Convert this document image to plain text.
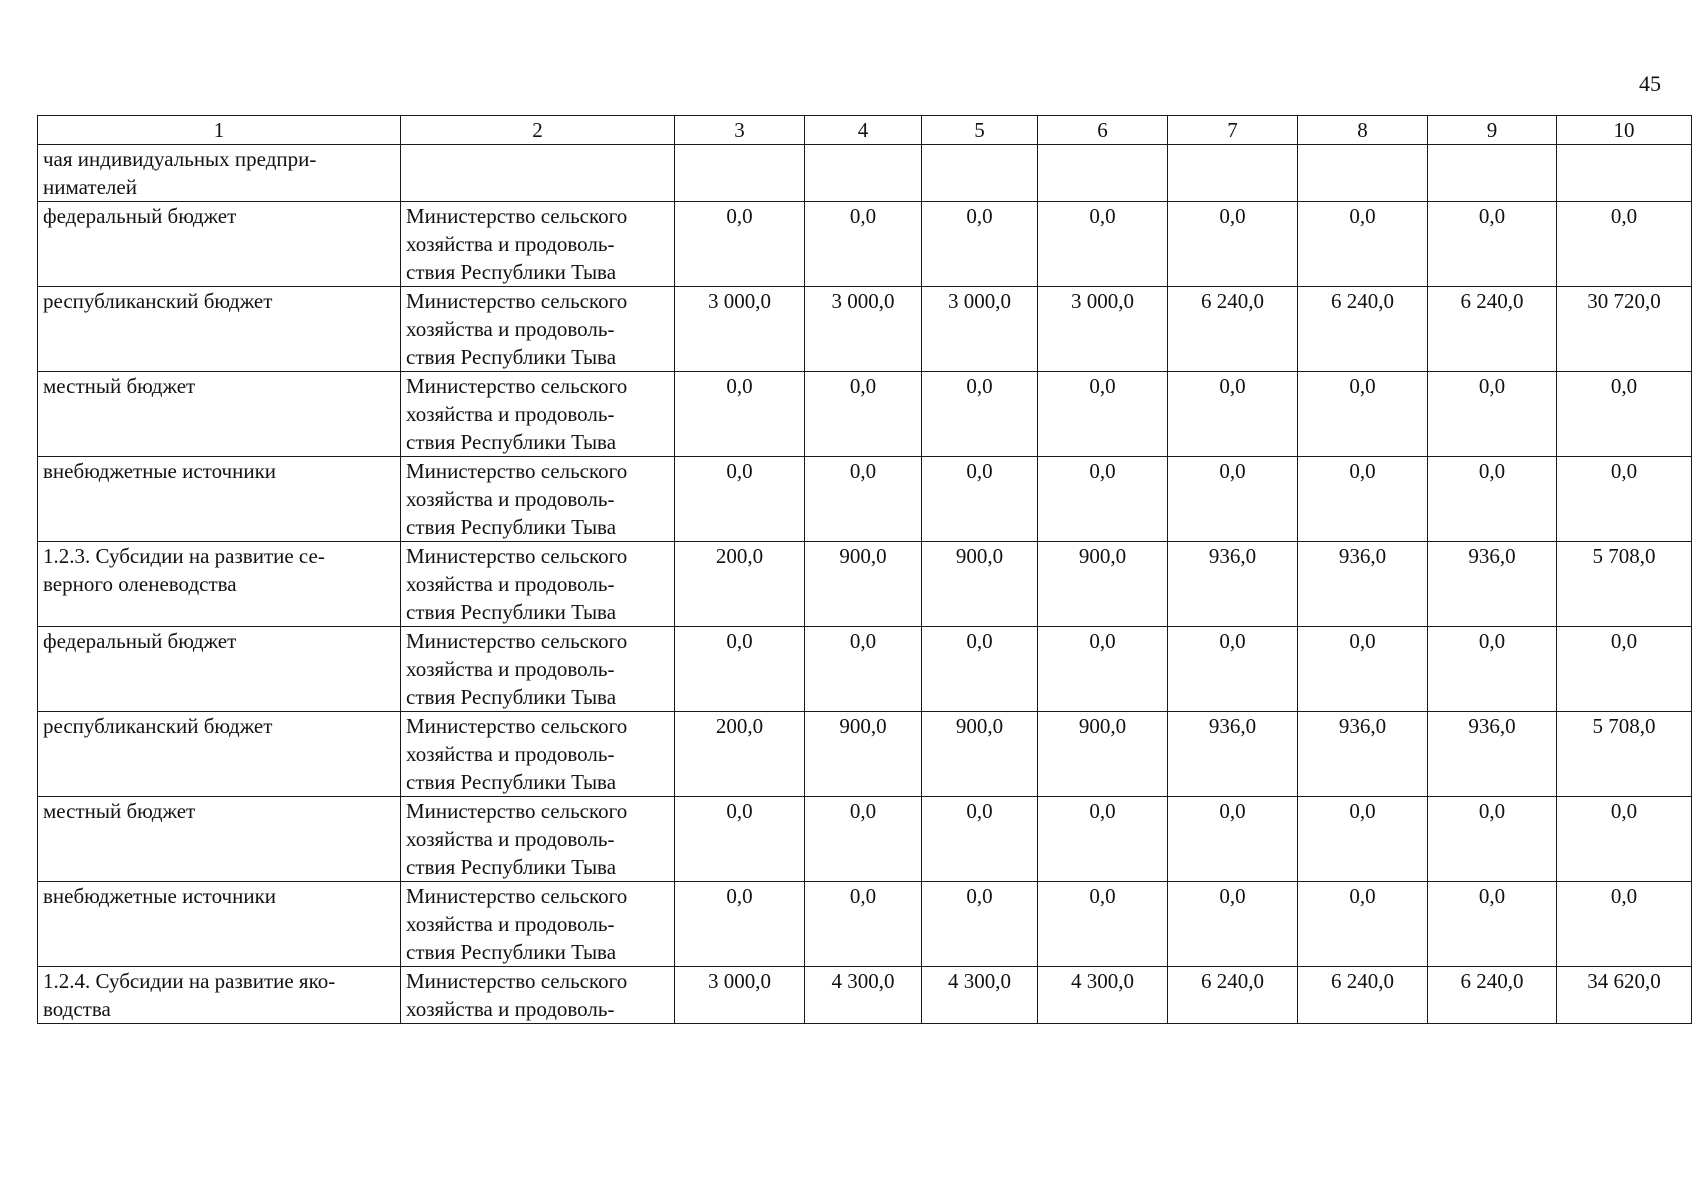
45
1	2	3	4	5	6	7	8	9	10
чая индивидуальных предпри-
нимателей									
федеральный бюджет	Министерство сельского
хозяйства и продоволь-
ствия Республики Тыва	0,0	0,0	0,0	0,0	0,0	0,0	0,0	0,0
республиканский бюджет	Министерство сельского
хозяйства и продоволь-
ствия Республики Тыва	3 000,0	3 000,0	3 000,0	3 000,0	6 240,0	6 240,0	6 240,0	30 720,0
местный бюджет	Министерство сельского
хозяйства и продоволь-
ствия Республики Тыва	0,0	0,0	0,0	0,0	0,0	0,0	0,0	0,0
внебюджетные источники	Министерство сельского
хозяйства и продоволь-
ствия Республики Тыва	0,0	0,0	0,0	0,0	0,0	0,0	0,0	0,0
1.2.3. Субсидии на развитие се-
верного оленеводства	Министерство сельского
хозяйства и продоволь-
ствия Республики Тыва	200,0	900,0	900,0	900,0	936,0	936,0	936,0	5 708,0
федеральный бюджет	Министерство сельского
хозяйства и продоволь-
ствия Республики Тыва	0,0	0,0	0,0	0,0	0,0	0,0	0,0	0,0
республиканский бюджет	Министерство сельского
хозяйства и продоволь-
ствия Республики Тыва	200,0	900,0	900,0	900,0	936,0	936,0	936,0	5 708,0
местный бюджет	Министерство сельского
хозяйства и продоволь-
ствия Республики Тыва	0,0	0,0	0,0	0,0	0,0	0,0	0,0	0,0
внебюджетные источники	Министерство сельского
хозяйства и продоволь-
ствия Республики Тыва	0,0	0,0	0,0	0,0	0,0	0,0	0,0	0,0
1.2.4. Субсидии на развитие яко-
водства	Министерство сельского
хозяйства и продоволь-	3 000,0	4 300,0	4 300,0	4 300,0	6 240,0	6 240,0	6 240,0	34 620,0
